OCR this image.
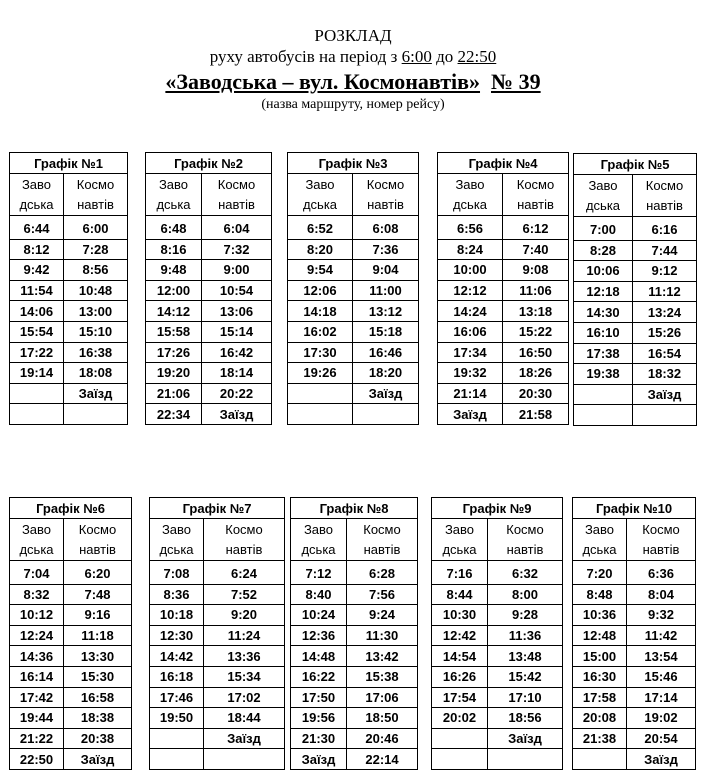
РОЗКЛАД
руху автобусів на період з 6:00 до 22:50
«Заводська – вул. Космонавтів» № 39
(назва маршруту, номер рейсу)
Графік №1	
Заво	Космо
дська	навтів

6:44	6:00
8:12	7:28
9:42	8:56
11:54	10:48
14:06	13:00
15:54	15:10
17:22	16:38
19:14	18:08
	Заїзд

Графік №2	
Заво	Космо
дська	навтів

6:48	6:04
8:16	7:32
9:48	9:00
12:00	10:54
14:12	13:06
15:58	15:14
17:26	16:42
19:20	18:14
21:06	20:22
22:34	Заїзд
Графік №3	
Заво	Космо
дська	навтів

6:52	6:08
8:20	7:36
9:54	9:04
12:06	11:00
14:18	13:12
16:02	15:18
17:30	16:46
19:26	18:20
	Заїзд

Графік №4	
Заво	Космо
дська	навтів

6:56	6:12
8:24	7:40
10:00	9:08
12:12	11:06
14:24	13:18
16:06	15:22
17:34	16:50
19:32	18:26
21:14	20:30
Заїзд	21:58
Графік №5	
Заво	Космо
дська	навтів

7:00	6:16
8:28	7:44
10:06	9:12
12:18	11:12
14:30	13:24
16:10	15:26
17:38	16:54
19:38	18:32
	Заїзд

Графік №6	
Заво	Космо
дська	навтів

7:04	6:20
8:32	7:48
10:12	9:16
12:24	11:18
14:36	13:30
16:14	15:30
17:42	16:58
19:44	18:38
21:22	20:38
22:50	Заїзд
Графік №7	
Заво	Космо
дська	навтів

7:08	6:24
8:36	7:52
10:18	9:20
12:30	11:24
14:42	13:36
16:18	15:34
17:46	17:02
19:50	18:44
	Заїзд

Графік №8	
Заво	Космо
дська	навтів

7:12	6:28
8:40	7:56
10:24	9:24
12:36	11:30
14:48	13:42
16:22	15:38
17:50	17:06
19:56	18:50
21:30	20:46
Заїзд	22:14
Графік №9	
Заво	Космо
дська	навтів

7:16	6:32
8:44	8:00
10:30	9:28
12:42	11:36
14:54	13:48
16:26	15:42
17:54	17:10
20:02	18:56
	Заїзд

Графік №10	
Заво	Космо
дська	навтів

7:20	6:36
8:48	8:04
10:36	9:32
12:48	11:42
15:00	13:54
16:30	15:46
17:58	17:14
20:08	19:02
21:38	20:54
	Заїзд
